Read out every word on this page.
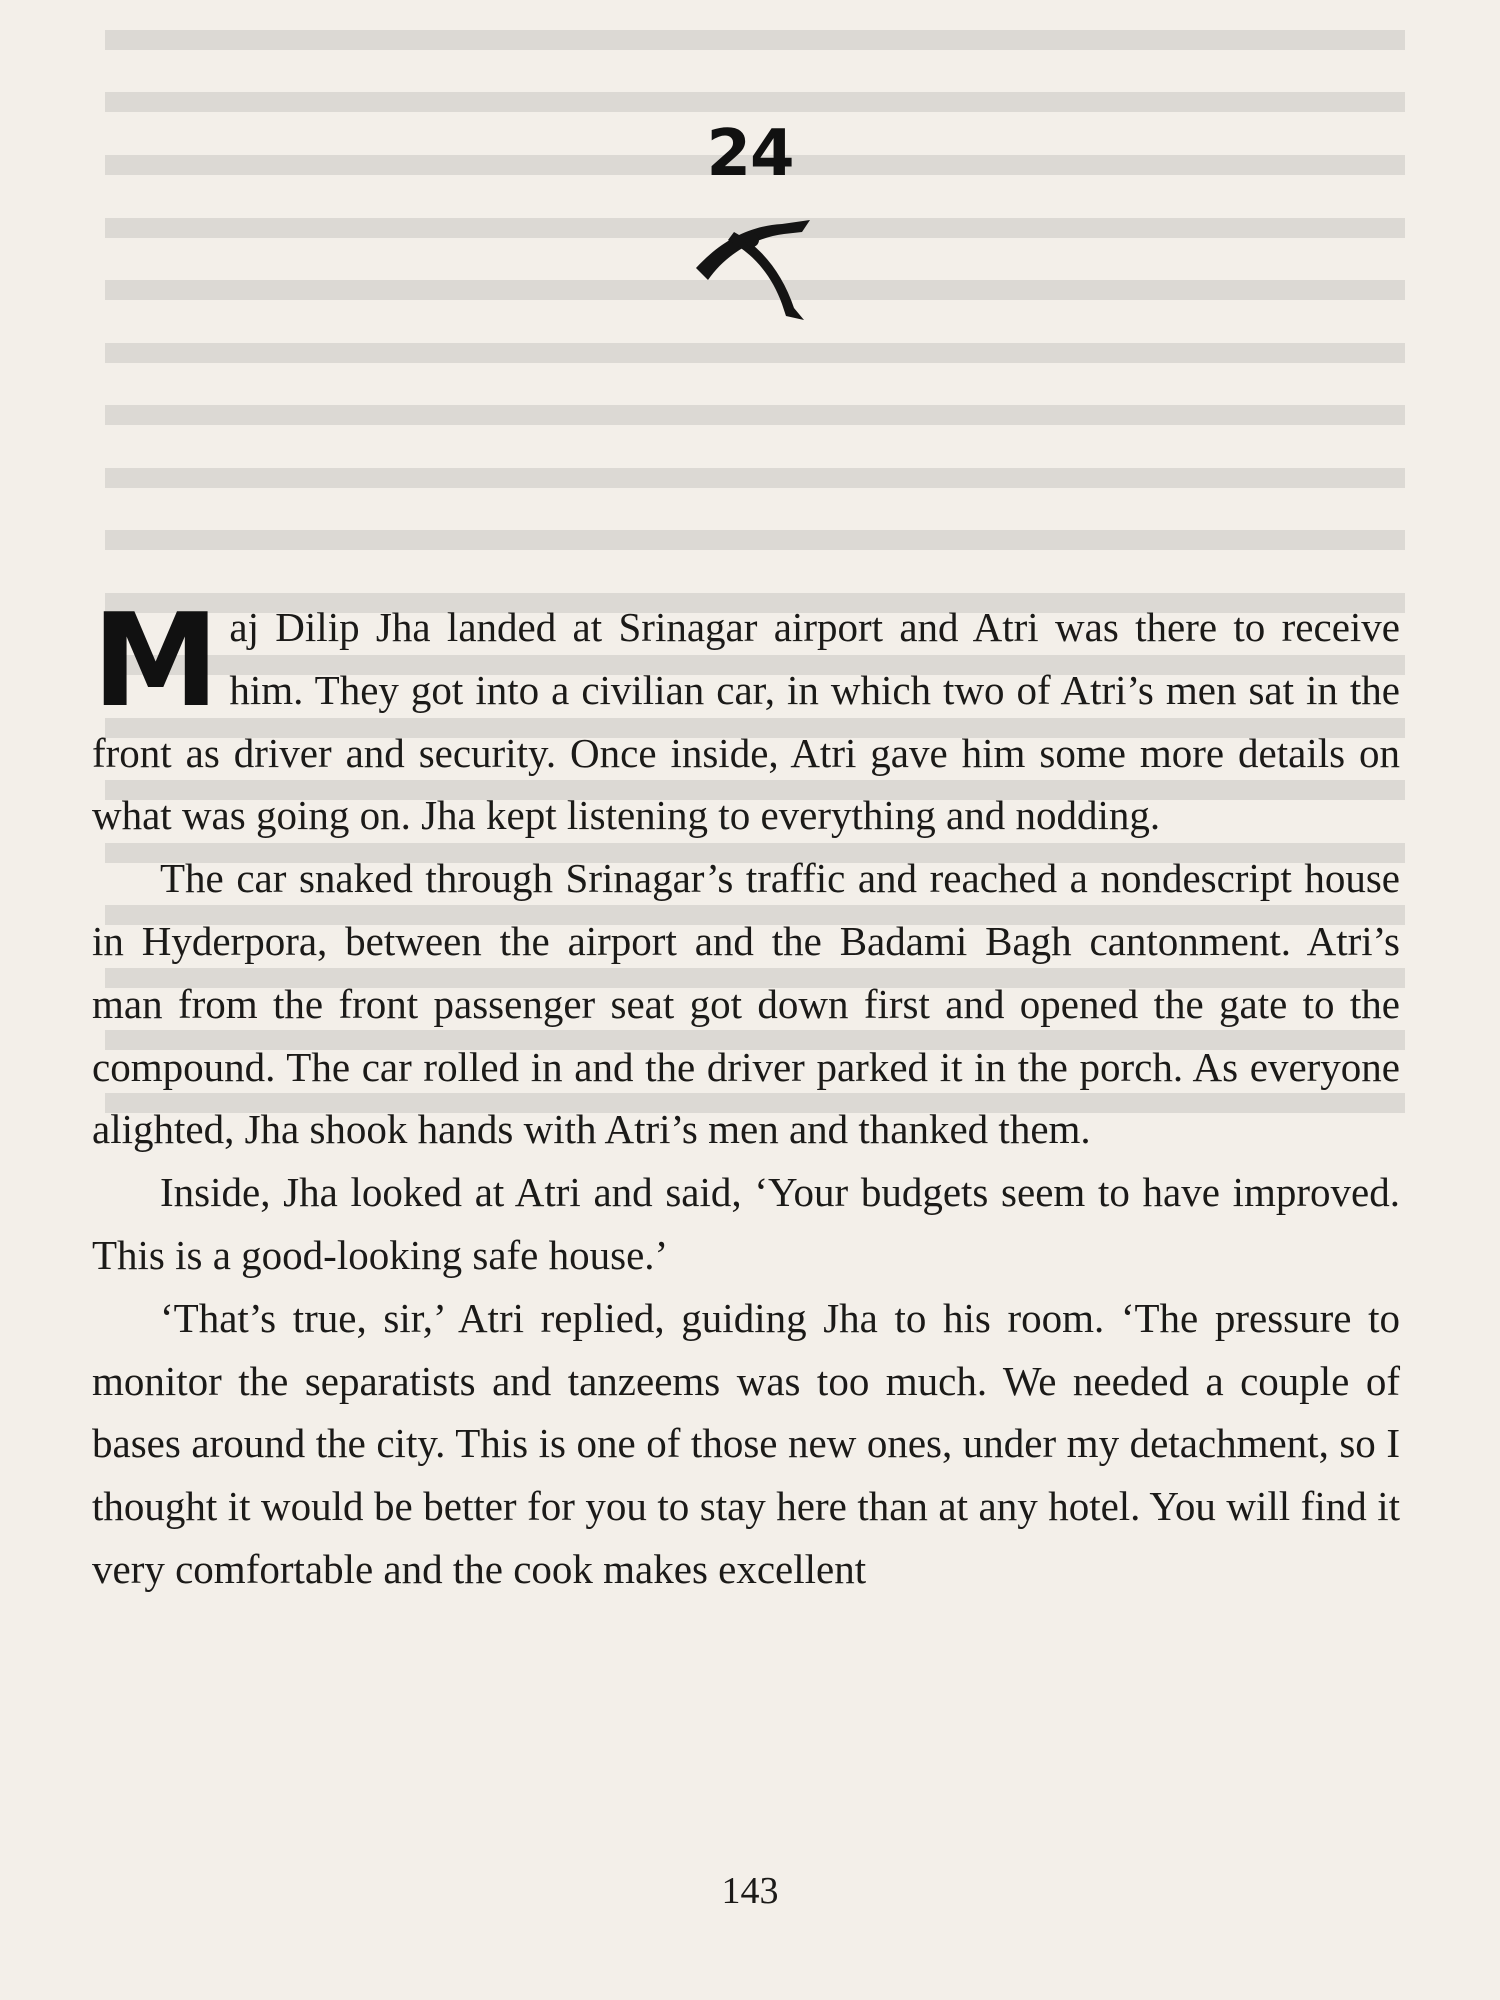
24

Maj Dilip Jha landed at Srinagar airport and Atri was there to receive him. They got into a civilian car, in which two of Atri’s men sat in the front as driver and security. Once inside, Atri gave him some more details on what was going on. Jha kept listening to everything and nodding.

The car snaked through Srinagar’s traffic and reached a nondescript house in Hyderpora, between the airport and the Badami Bagh cantonment. Atri’s man from the front passenger seat got down first and opened the gate to the compound. The car rolled in and the driver parked it in the porch. As everyone alighted, Jha shook hands with Atri’s men and thanked them.

Inside, Jha looked at Atri and said, ‘Your budgets seem to have improved. This is a good-looking safe house.’

‘That’s true, sir,’ Atri replied, guiding Jha to his room. ‘The pressure to monitor the separatists and tanzeems was too much. We needed a couple of bases around the city. This is one of those new ones, under my detachment, so I thought it would be better for you to stay here than at any hotel. You will find it very comfortable and the cook makes excellent

143
